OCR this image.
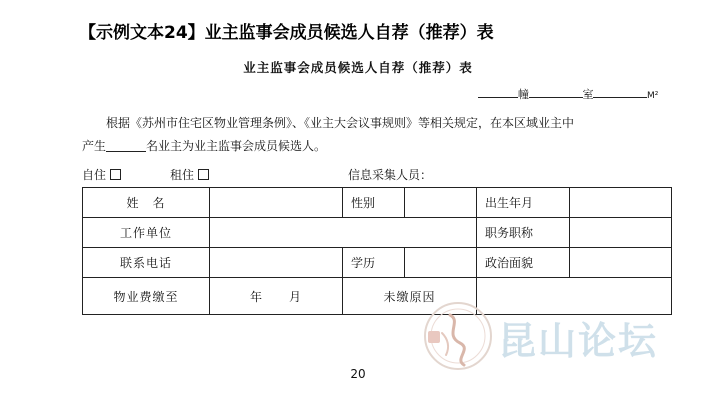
【示例文本24】业主监事会成员候选人自荐（推荐）表
业主监事会成员候选人自荐（推荐）表
幢	室	M²
根据《苏州市住宅区物业管理条例》、《业主大会议事规则》等相关规定，在本区域业主中
产生	名业主为业主监事会成员候选人。
自住	租住	信息采集人员：
姓　名		性别		出生年月	
工作单位				职务职称	
联系电话		学历		政治面貌	
物业费缴至	年　　月	未缴原因			
昆山论坛
20
